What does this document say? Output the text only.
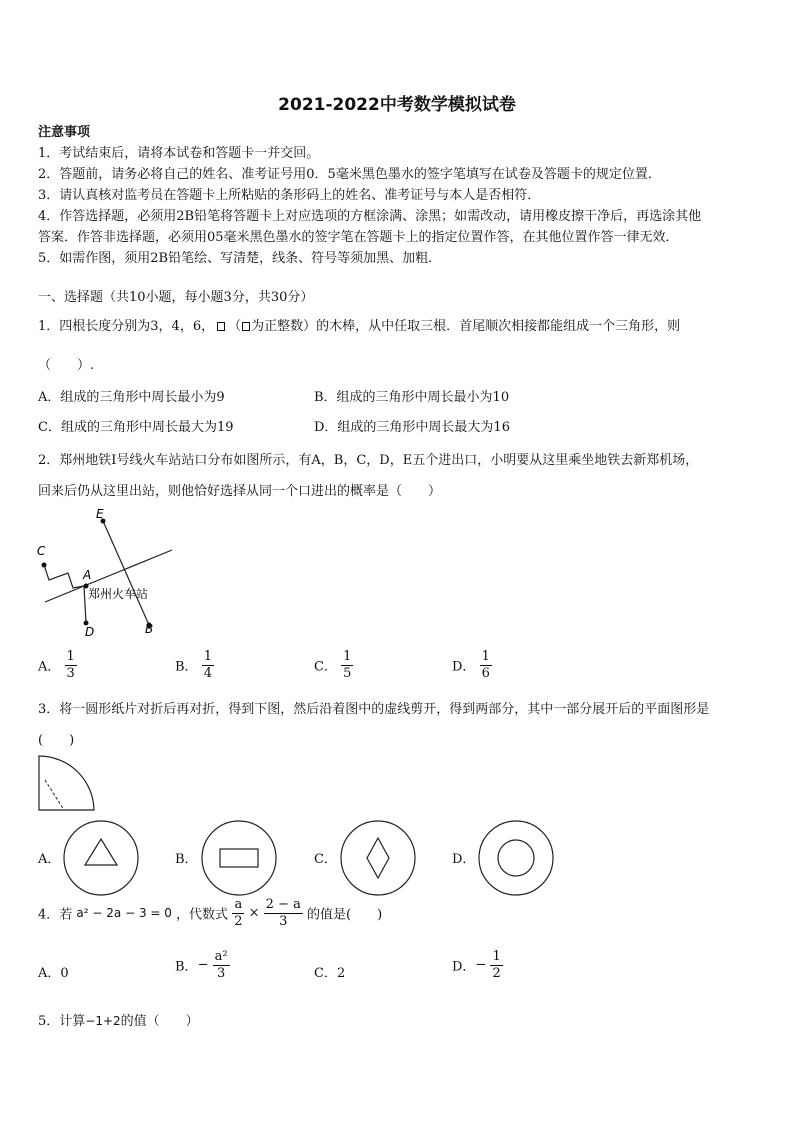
2021-2022中考数学模拟试卷
注意事项
1．考试结束后，请将本试卷和答题卡一并交回。
2．答题前，请务必将自己的姓名、准考证号用0．5毫米黑色墨水的签字笔填写在试卷及答题卡的规定位置．
3．请认真核对监考员在答题卡上所粘贴的条形码上的姓名、准考证号与本人是否相符．
4．作答选择题，必须用2B铅笔将答题卡上对应选项的方框涂满、涂黑；如需改动，请用橡皮擦干净后，再选涂其他
答案．作答非选择题，必须用05毫米黑色墨水的签字笔在答题卡上的指定位置作答，在其他位置作答一律无效．
5．如需作图，须用2B铅笔绘、写清楚，线条、符号等须加黑、加粗．
一、选择题（共10小题，每小题3分，共30分）
1．四根长度分别为3，4，6， （ 为正整数）的木棒，从中任取三根．首尾顺次相接都能组成一个三角形，则
（　　）.
A．组成的三角形中周长最小为9	B．组成的三角形中周长最小为10
C．组成的三角形中周长最大为19	D．组成的三角形中周长最大为16
2．郑州地铁Ⅰ号线火车站站口分布如图所示，有A，B，C，D，E五个进出口，小明要从这里乘坐地铁去新郑机场，
回来后仍从这里出站，则他恰好选择从同一个口进出的概率是（　　）
E
C
A
D	B
郑州火车站
A． $\frac{1}{3}$	B． $\frac{1}{4}$	C． $\frac{1}{5}$	D． $\frac{1}{6}$
3．将一圆形纸片对折后再对折，得到下图，然后沿着图中的虚线剪开，得到两部分，其中一部分展开后的平面图形是
(　　)
A．	B．	C．	D．
4．若 a² − 2a − 3 = 0 ，代数式 $\frac{a}{2} \times \frac{2 - a}{3}$ 的值是(　　)
A．0	B．− $\frac{\text{a²}}{3}$	C．2	D．− $\frac{1}{2}$
5．计算−1+2的值（　　）
